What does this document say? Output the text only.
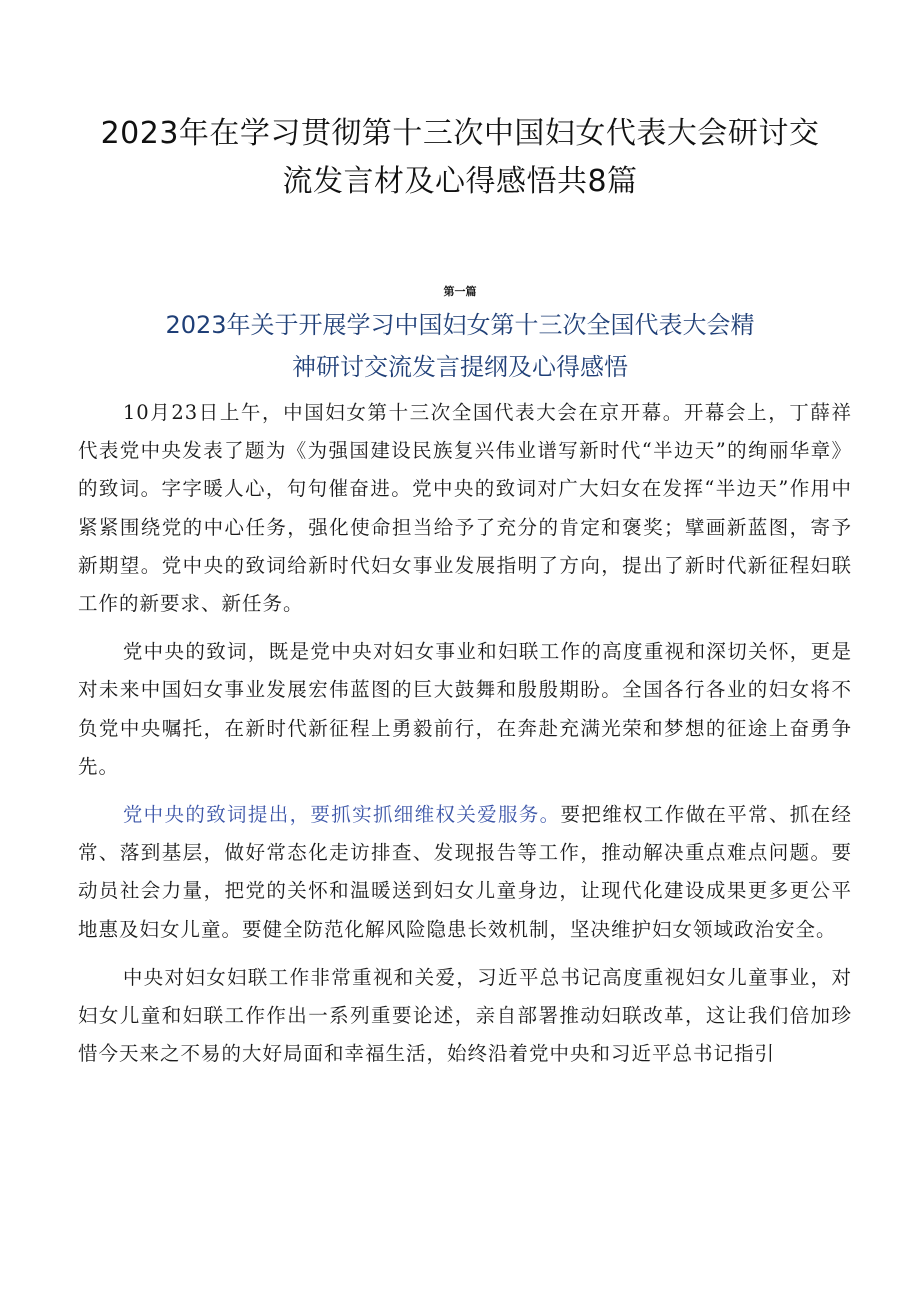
2023年在学习贯彻第十三次中国妇女代表大会研讨交
流发言材及心得感悟共8篇
第一篇
2023年关于开展学习中国妇女第十三次全国代表大会精
神研讨交流发言提纲及心得感悟

10月23日上午，中国妇女第十三次全国代表大会在京开幕。开幕会上，丁薛祥代表党中央发表了题为《为强国建设民族复兴伟业谱写新时代“半边天”的绚丽华章》的致词。字字暖人心，句句催奋进。党中央的致词对广大妇女在发挥“半边天”作用中紧紧围绕党的中心任务，强化使命担当给予了充分的肯定和褒奖；擘画新蓝图，寄予新期望。党中央的致词给新时代妇女事业发展指明了方向，提出了新时代新征程妇联工作的新要求、新任务。

党中央的致词，既是党中央对妇女事业和妇联工作的高度重视和深切关怀，更是对未来中国妇女事业发展宏伟蓝图的巨大鼓舞和殷殷期盼。全国各行各业的妇女将不负党中央嘱托，在新时代新征程上勇毅前行，在奔赴充满光荣和梦想的征途上奋勇争先。

党中央的致词提出，要抓实抓细维权关爱服务。要把维权工作做在平常、抓在经常、落到基层，做好常态化走访排查、发现报告等工作，推动解决重点难点问题。要动员社会力量，把党的关怀和温暖送到妇女儿童身边，让现代化建设成果更多更公平地惠及妇女儿童。要健全防范化解风险隐患长效机制，坚决维护妇女领域政治安全。

中央对妇女妇联工作非常重视和关爱，习近平总书记高度重视妇女儿童事业，对妇女儿童和妇联工作作出一系列重要论述，亲自部署推动妇联改革，这让我们倍加珍惜今天来之不易的大好局面和幸福生活，始终沿着党中央和习近平总书记指引
